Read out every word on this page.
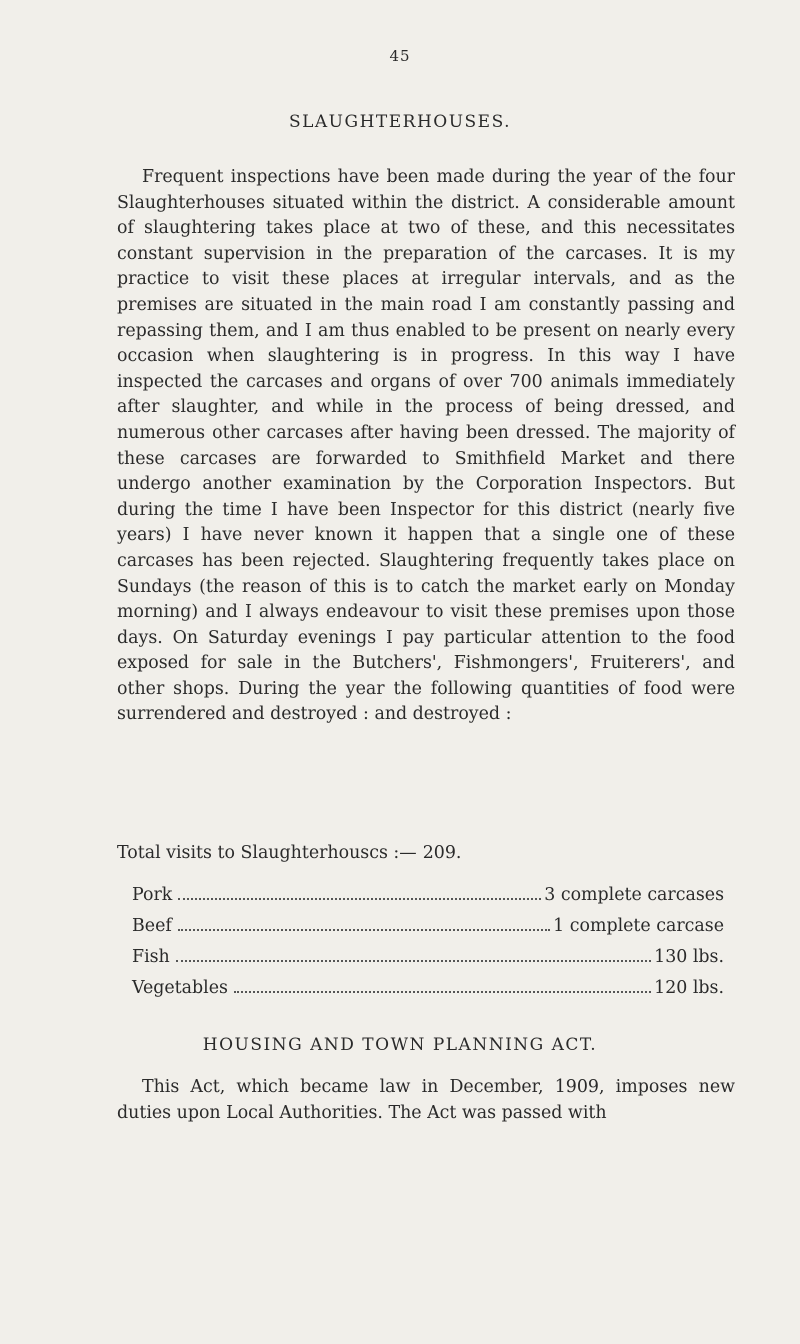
45
SLAUGHTERHOUSES.

Frequent inspections have been made during the year of the four Slaughterhouses situated within the district. A considerable amount of slaughtering takes place at two of these, and this necessitates constant supervision in the preparation of the carcases. It is my practice to visit these places at irregular intervals, and as the premises are situated in the main road I am constantly passing and repassing them, and I am thus enabled to be present on nearly every occasion when slaughtering is in progress. In this way I have inspected the carcases and organs of over 700 animals immediately after slaughter, and while in the process of being dressed, and numerous other carcases after having been dressed. The majority of these carcases are forwarded to Smithfield Market and there undergo another examination by the Corporation Inspectors. But during the time I have been Inspector for this district (nearly five years) I have never known it happen that a single one of these carcases has been rejected. Slaughtering frequently takes place on Sundays (the reason of this is to catch the market early on Monday morning) and I always endeavour to visit these premises upon those days. On Saturday evenings I pay particular attention to the food exposed for sale in the Butchers', Fishmongers', Fruiterers', and other shops. During the year the following quantities of food were surrendered and destroyed : and destroyed :

Total visits to Slaughterhouscs :— 209.
Pork	3 complete carcases
Beef	1 complete carcase
Fish	130 lbs.
Vegetables	120 lbs.
HOUSING AND TOWN PLANNING ACT.

This Act, which became law in December, 1909, imposes new duties upon Local Authorities. The Act was passed with
